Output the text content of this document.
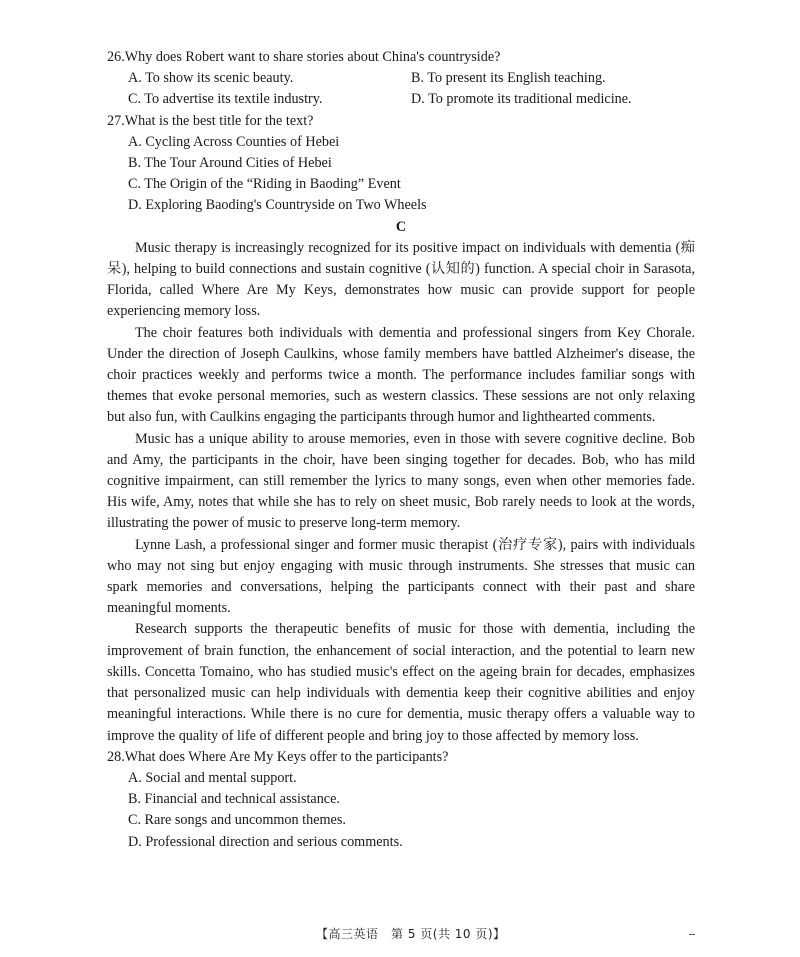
26.Why does Robert want to share stories about China's countryside?

A. To show its scenic beauty.	B. To present its English teaching.
C. To advertise its textile industry.	D. To promote its traditional medicine.

27.What is the best title for the text?

A. Cycling Across Counties of Hebei
B. The Tour Around Cities of Hebei
C. The Origin of the “Riding in Baoding” Event
D. Exploring Baoding's Countryside on Two Wheels

C

Music therapy is increasingly recognized for its positive impact on individuals with dementia (痴呆), helping to build connections and sustain cognitive (认知的) function. A special choir in Sarasota, Florida, called Where Are My Keys, demonstrates how music can provide support for people experiencing memory loss.

The choir features both individuals with dementia and professional singers from Key Chorale. Under the direction of Joseph Caulkins, whose family members have battled Alzheimer's disease, the choir practices weekly and performs twice a month. The performance includes familiar songs with themes that evoke personal memories, such as western classics. These sessions are not only relaxing but also fun, with Caulkins engaging the participants through humor and lighthearted comments.

Music has a unique ability to arouse memories, even in those with severe cognitive decline. Bob and Amy, the participants in the choir, have been singing together for decades. Bob, who has mild cognitive impairment, can still remember the lyrics to many songs, even when other memories fade. His wife, Amy, notes that while she has to rely on sheet music, Bob rarely needs to look at the words, illustrating the power of music to preserve long-term memory.

Lynne Lash, a professional singer and former music therapist (治疗专家), pairs with individuals who may not sing but enjoy engaging with music through instruments. She stresses that music can spark memories and conversations, helping the participants connect with their past and share meaningful moments.

Research supports the therapeutic benefits of music for those with dementia, including the improvement of brain function, the enhancement of social interaction, and the potential to learn new skills. Concetta Tomaino, who has studied music's effect on the ageing brain for decades, emphasizes that personalized music can help individuals with dementia keep their cognitive abilities and enjoy meaningful interactions. While there is no cure for dementia, music therapy offers a valuable way to improve the quality of life of different people and bring joy to those affected by memory loss.

28.What does Where Are My Keys offer to the participants?

A. Social and mental support.
B. Financial and technical assistance.
C. Rare songs and uncommon themes.
D. Professional direction and serious comments.
【高三英语　第 5 页(共 10 页)】
